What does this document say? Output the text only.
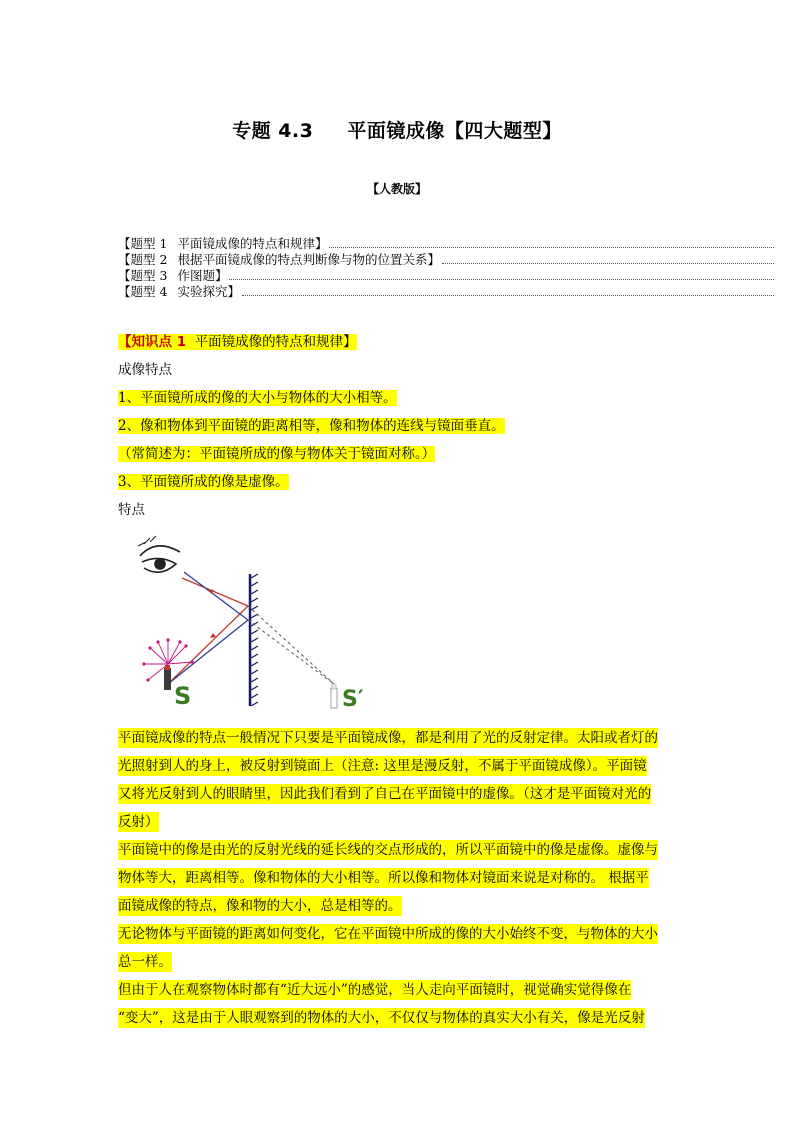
专题 4.3 平面镜成像【四大题型】
【人教版】
【题型 1 平面镜成像的特点和规律】
【题型 2 根据平面镜成像的特点判断像与物的位置关系】
【题型 3 作图题】
【题型 4 实验探究】
【知识点 1 平面镜成像的特点和规律】
成像特点
1、平面镜所成的像的大小与物体的大小相等。
2、像和物体到平面镜的距离相等，像和物体的连线与镜面垂直。
（常简述为：平面镜所成的像与物体关于镜面对称。）
3、平面镜所成的像是虚像。
特点
S	S′
平面镜成像的特点一般情况下只要是平面镜成像，都是利用了光的反射定律。太阳或者灯的
光照射到人的身上，被反射到镜面上（注意: 这里是漫反射，不属于平面镜成像）。平面镜
又将光反射到人的眼睛里，因此我们看到了自己在平面镜中的虚像。（这才是平面镜对光的
反射）
平面镜中的像是由光的反射光线的延长线的交点形成的，所以平面镜中的像是虚像。虚像与
物体等大，距离相等。像和物体的大小相等。所以像和物体对镜面来说是对称的。 根据平
面镜成像的特点，像和物的大小，总是相等的。
无论物体与平面镜的距离如何变化，它在平面镜中所成的像的大小始终不变，与物体的大小
总一样。
但由于人在观察物体时都有“近大远小”的感觉，当人走向平面镜时，视觉确实觉得像在
“变大”，这是由于人眼观察到的物体的大小，不仅仅与物体的真实大小有关，像是光反射
